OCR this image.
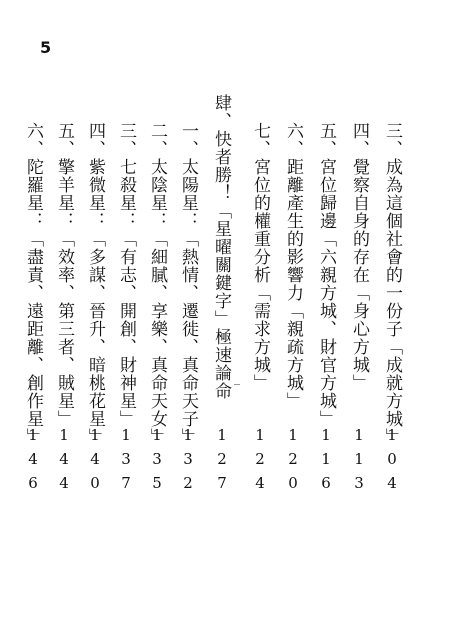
5
三、成為這個社會的一份子「成就方城」
104
四、覺察自身的存在「身心方城」
113
五、宮位歸邊「六親方城、財官方城」
116
六、距離產生的影響力「親疏方城」
120
七、宮位的權重分析「需求方城」
124
肆、快者勝！「星曜關鍵字」極速論命
127
一、太陽星：「熱情、遷徙、真命天子」
132
二、太陰星：「細膩、享樂、真命天女」
135
三、七殺星：「有志、開創、財神星」
137
四、紫微星：「多謀、晉升、暗桃花星」
140
五、擎羊星：「效率、第三者、賊星」
144
六、陀羅星：「盡責、遠距離、創作星」
146
